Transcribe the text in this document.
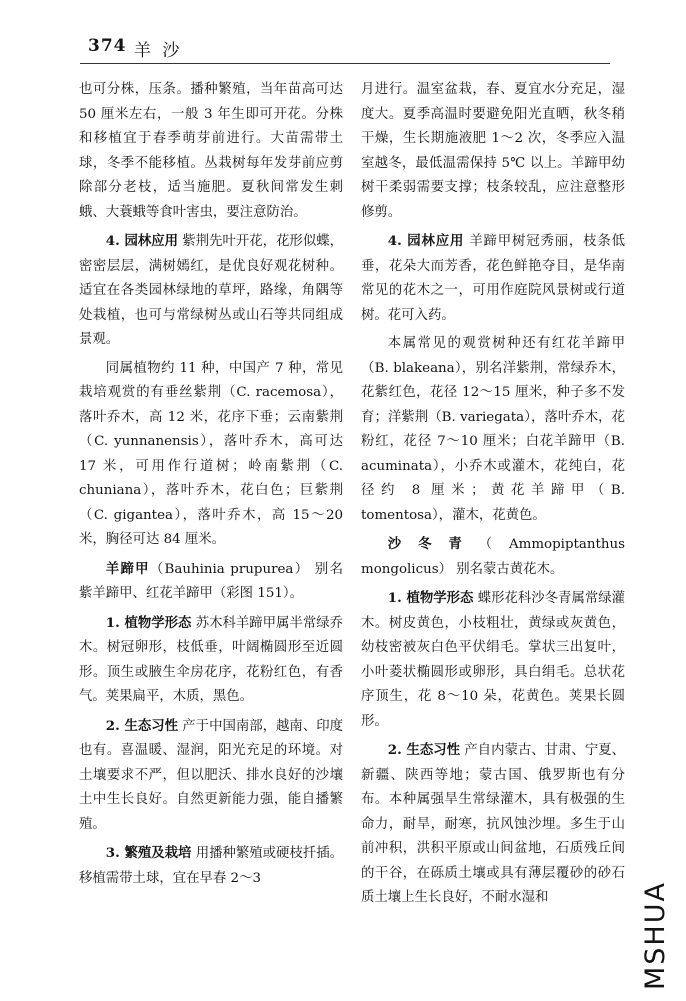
374 羊 沙

也可分株，压条。播种繁殖，当年苗高可达 50 厘米左右，一般 3 年生即可开花。分株和移植宜于春季萌芽前进行。大苗需带土球，冬季不能移植。丛栽树每年发芽前应剪除部分老枝，适当施肥。夏秋间常发生刺蛾、大蓑蛾等食叶害虫，要注意防治。

4. 园林应用 紫荆先叶开花，花形似蝶，密密层层，满树嫣红，是优良好观花树种。适宜在各类园林绿地的草坪，路缘，角隅等处栽植，也可与常绿树丛或山石等共同组成景观。

同属植物约 11 种，中国产 7 种，常见栽培观赏的有垂丝紫荆（C. racemosa），落叶乔木，高 12 米，花序下垂；云南紫荆（C. yunnanensis），落叶乔木，高可达 17 米，可用作行道树；岭南紫荆（C. chuniana），落叶乔木，花白色；巨紫荆（C. gigantea），落叶乔木，高 15～20 米，胸径可达 84 厘米。

羊蹄甲（Bauhinia prupurea） 别名紫羊蹄甲、红花羊蹄甲（彩图 151）。

1. 植物学形态 苏木科羊蹄甲属半常绿乔木。树冠卵形，枝低垂，叶阔椭圆形至近圆形。顶生或腋生伞房花序，花粉红色，有香气。荚果扁平，木质，黑色。

2. 生态习性 产于中国南部，越南、印度也有。喜温暖、湿润，阳光充足的环境。对土壤要求不严，但以肥沃、排水良好的沙壤土中生长良好。自然更新能力强，能自播繁殖。

3. 繁殖及栽培 用播种繁殖或硬枝扦插。移植需带土球，宜在早春 2～3

月进行。温室盆栽，春、夏宜水分充足，湿度大。夏季高温时要避免阳光直晒，秋冬稍干燥，生长期施液肥 1～2 次，冬季应入温室越冬，最低温需保持 5℃ 以上。羊蹄甲幼树干柔弱需要支撑；枝条较乱，应注意整形修剪。

4. 园林应用 羊蹄甲树冠秀丽，枝条低垂，花朵大而芳香，花色鲜艳夺目，是华南常见的花木之一，可用作庭院风景树或行道树。花可入药。

本属常见的观赏树种还有红花羊蹄甲（B. blakeana），别名洋紫荆，常绿乔木，花紫红色，花径 12～15 厘米，种子多不发育；洋紫荆（B. variegata），落叶乔木，花粉红，花径 7～10 厘米；白花羊蹄甲（B. acuminata），小乔木或灌木，花纯白，花径约 8 厘米；黄花羊蹄甲（B. tomentosa），灌木，花黄色。

沙冬青（Ammopiptanthus mongolicus） 别名蒙古黄花木。

1. 植物学形态 蝶形花科沙冬青属常绿灌木。树皮黄色，小枝粗壮，黄绿或灰黄色，幼枝密被灰白色平伏绢毛。掌状三出复叶，小叶菱状椭圆形或卵形，具白绢毛。总状花序顶生，花 8～10 朵，花黄色。荚果长圆形。

2. 生态习性 产自内蒙古、甘肃、宁夏、新疆、陕西等地；蒙古国、俄罗斯也有分布。本种属强旱生常绿灌木，具有极强的生命力，耐旱，耐寒，抗风蚀沙埋。多生于山前冲积，洪积平原或山间盆地，石质残丘间的干谷，在砾质土壤或具有薄层覆砂的砂石质土壤上生长良好，不耐水湿和	MSHUA
